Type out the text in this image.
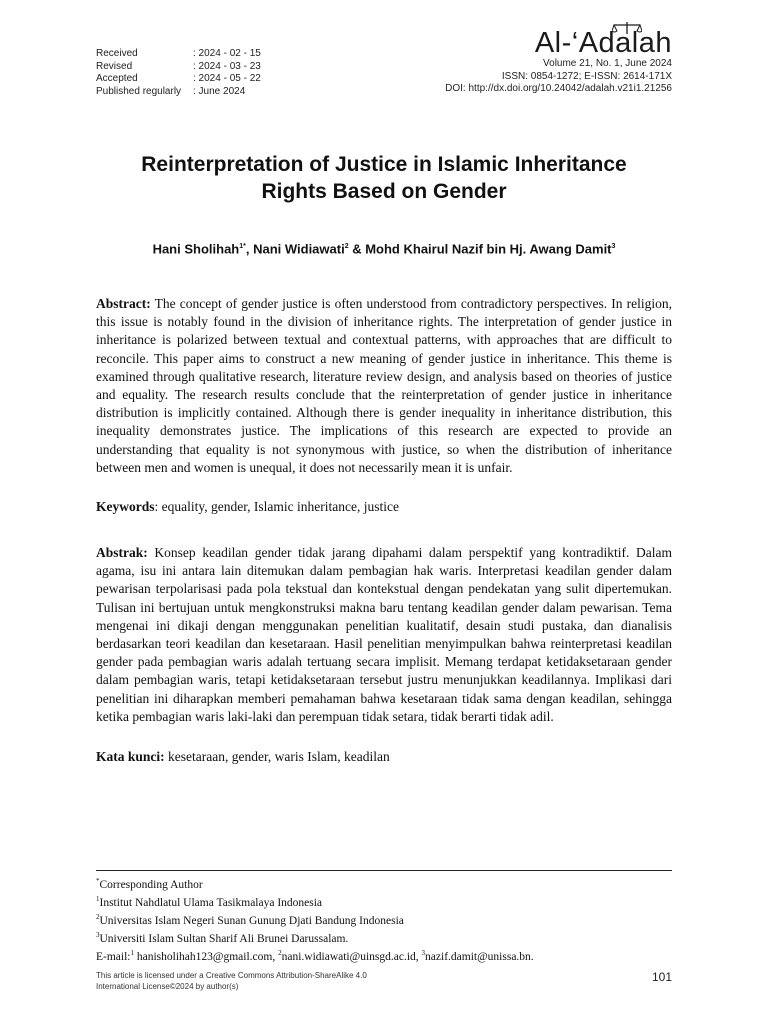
Received	: 2024 - 02 - 15
Revised	: 2024 - 03 - 23
Accepted	: 2024 - 05 - 22
Published regularly	: June 2024
Al-‘Adalah
Volume 21, No. 1, June 2024
ISSN: 0854-1272; E-ISSN: 2614-171X
DOI: http://dx.doi.org/10.24042/adalah.v21i1.21256
Reinterpretation of Justice in Islamic Inheritance
Rights Based on Gender
Hani Sholihah$^{1*}$, Nani Widiawati$^2$ & Mohd Khairul Nazif bin Hj. Awang Damit$^3$
Abstract: The concept of gender justice is often understood from contradictory perspectives. In religion, this issue is notably found in the division of inheritance rights. The interpretation of gender justice in inheritance is polarized between textual and contextual patterns, with approaches that are difficult to reconcile. This paper aims to construct a new meaning of gender justice in inheritance. This theme is examined through qualitative research, literature review design, and analysis based on theories of justice and equality. The research results conclude that the reinterpretation of gender justice in inheritance distribution is implicitly contained. Although there is gender inequality in inheritance distribution, this inequality demonstrates justice. The implications of this research are expected to provide an understanding that equality is not synonymous with justice, so when the distribution of inheritance between men and women is unequal, it does not necessarily mean it is unfair.
Keywords: equality, gender, Islamic inheritance, justice
Abstrak: Konsep keadilan gender tidak jarang dipahami dalam perspektif yang kontradiktif. Dalam agama, isu ini antara lain ditemukan dalam pembagian hak waris. Interpretasi keadilan gender dalam pewarisan terpolarisasi pada pola tekstual dan kontekstual dengan pendekatan yang sulit dipertemukan. Tulisan ini bertujuan untuk mengkonstruksi makna baru tentang keadilan gender dalam pewarisan. Tema mengenai ini dikaji dengan menggunakan penelitian kualitatif, desain studi pustaka, dan dianalisis berdasarkan teori keadilan dan kesetaraan. Hasil penelitian menyimpulkan bahwa reinterpretasi keadilan gender pada pembagian waris adalah tertuang secara implisit. Memang terdapat ketidaksetaraan gender dalam pembagian waris, tetapi ketidaksetaraan tersebut justru menunjukkan keadilannya. Implikasi dari penelitian ini diharapkan memberi pemahaman bahwa kesetaraan tidak sama dengan keadilan, sehingga ketika pembagian waris laki-laki dan perempuan tidak setara, tidak berarti tidak adil.
Kata kunci: kesetaraan, gender, waris Islam, keadilan
*Corresponding Author
$^1$Institut Nahdlatul Ulama Tasikmalaya Indonesia
$^2$Universitas Islam Negeri Sunan Gunung Djati Bandung Indonesia
$^3$Universiti Islam Sultan Sharif Ali Brunei Darussalam.
E-mail:$^1$ hanisholihah123@gmail.com, $^2$nani.widiawati@uinsgd.ac.id, $^3$nazif.damit@unissa.bn.
This article is licensed under a Creative Commons Attribution-ShareAlike 4.0
International License©2024 by author(s)
101
